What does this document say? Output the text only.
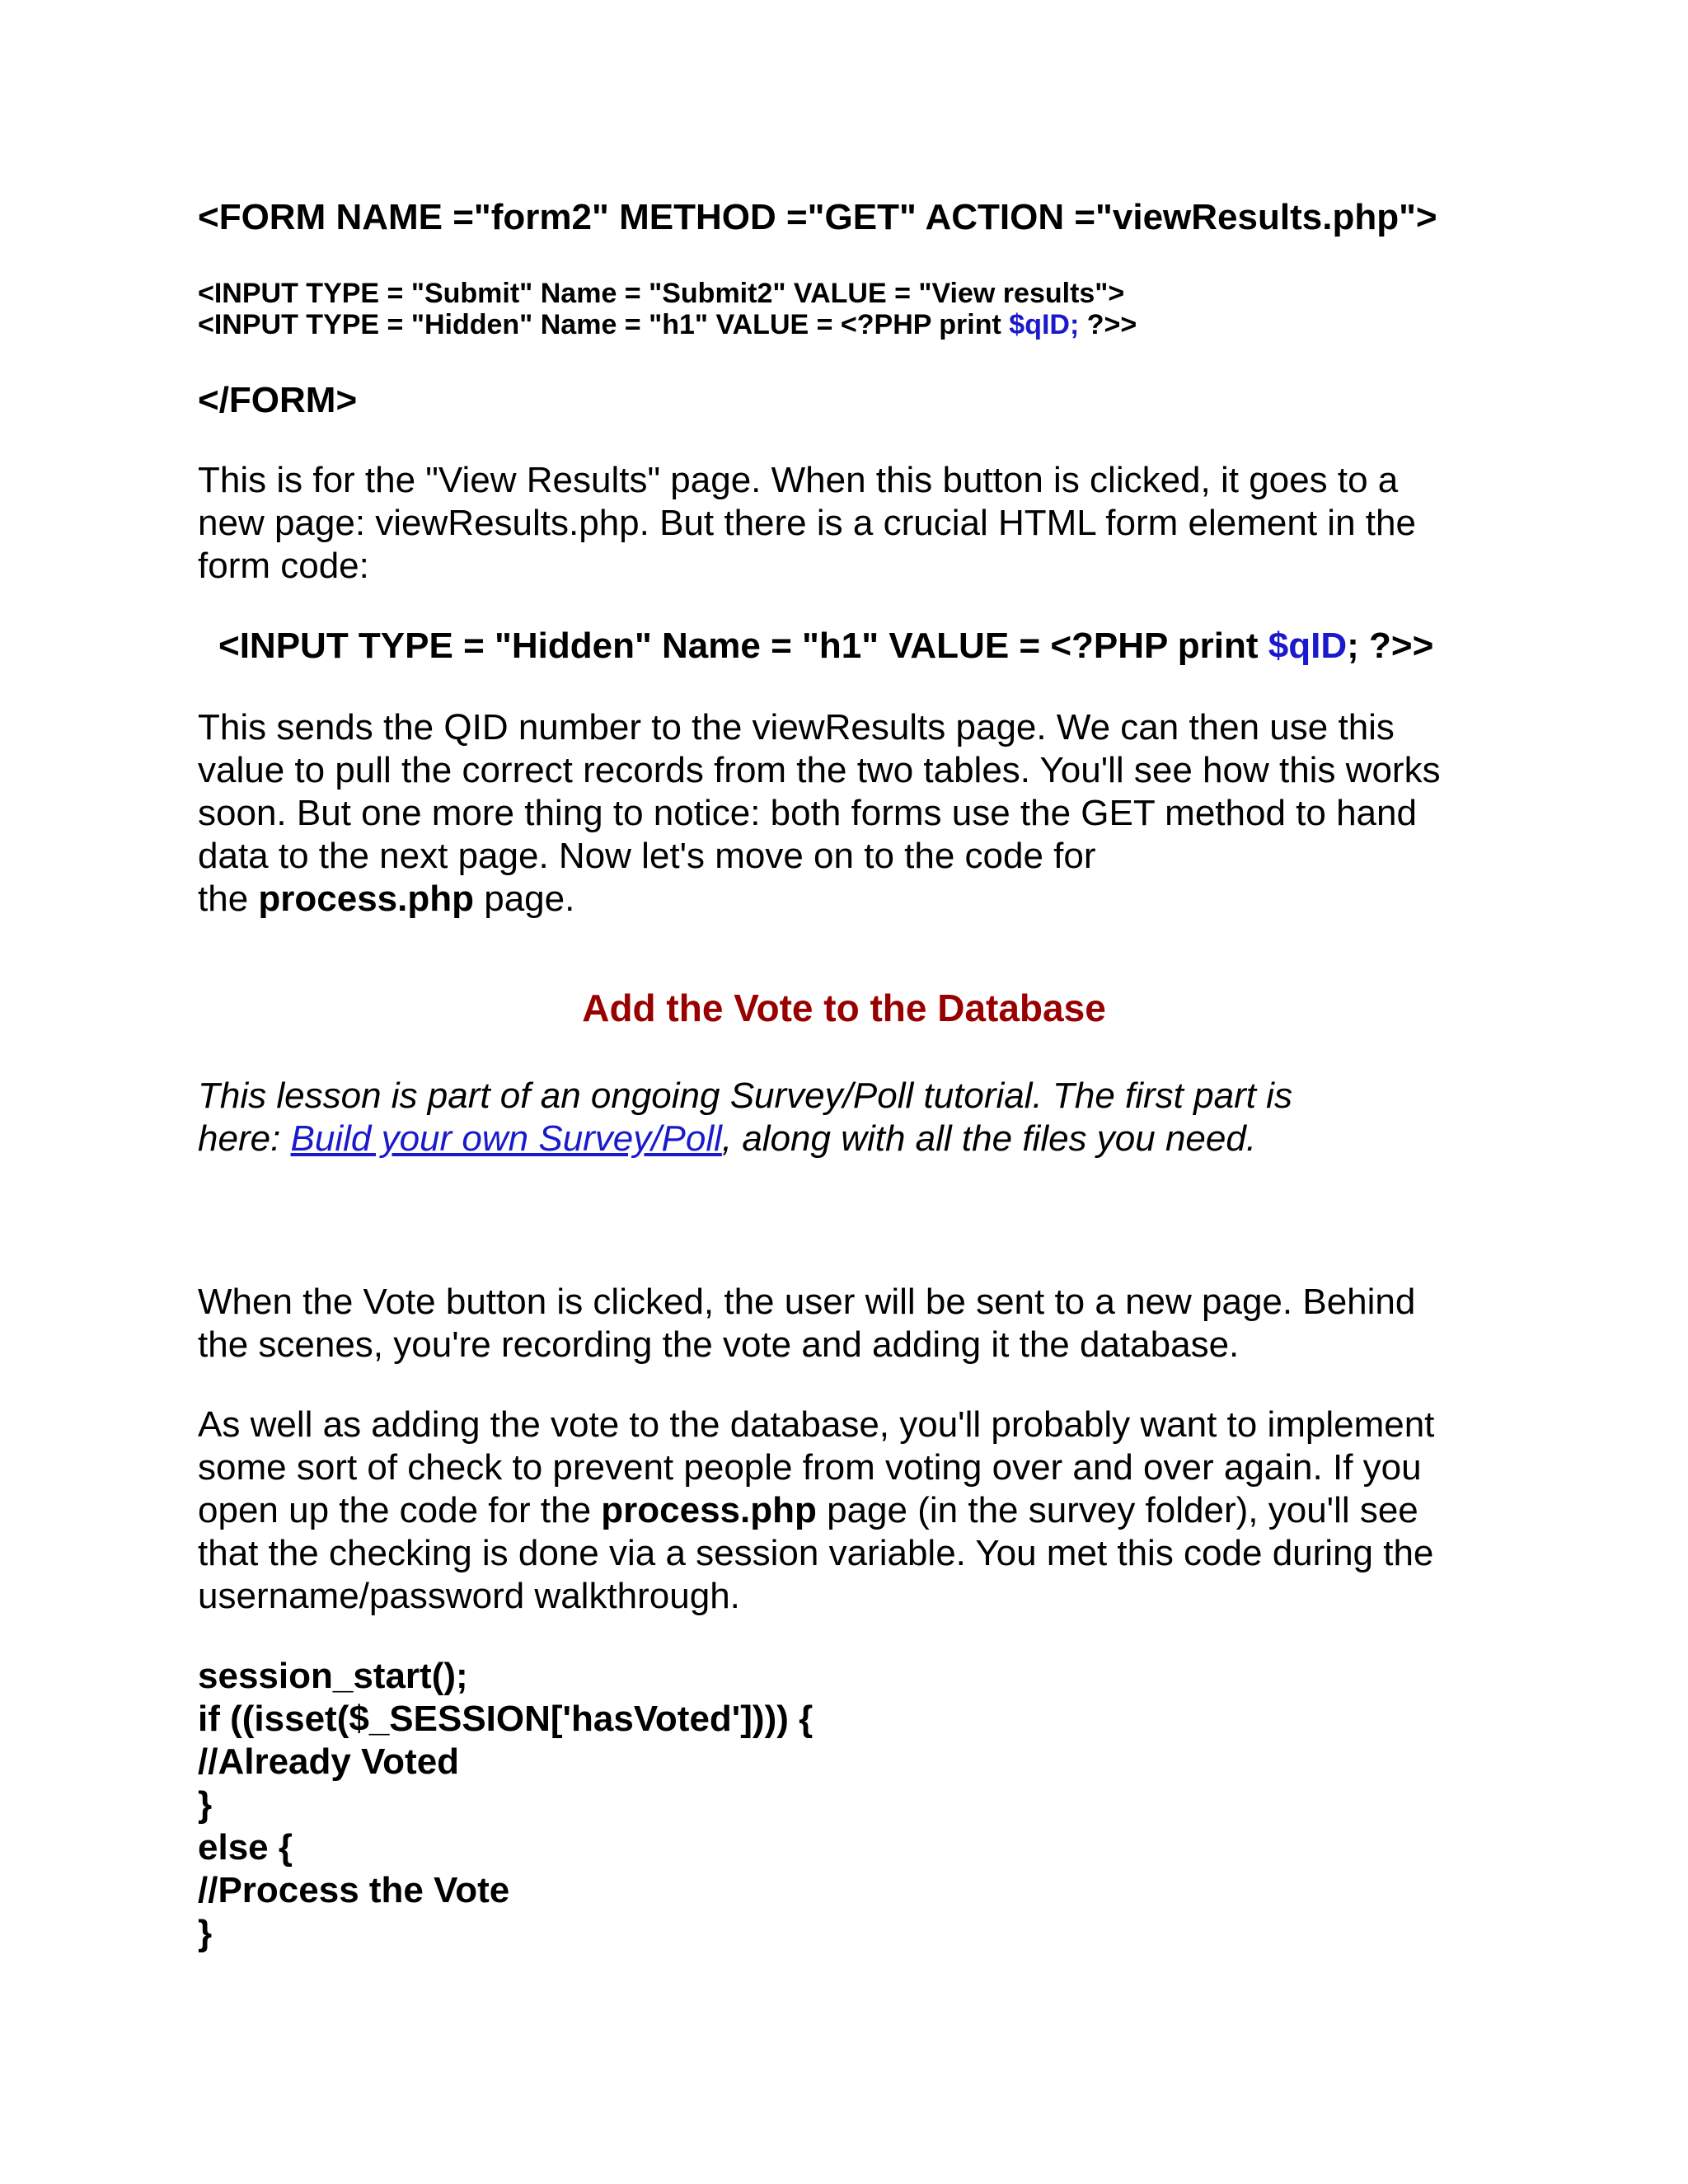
<FORM NAME ="form2" METHOD ="GET" ACTION ="viewResults.php">

<INPUT TYPE = "Submit" Name = "Submit2" VALUE = "View results">

<INPUT TYPE = "Hidden" Name = "h1" VALUE = <?PHP print $qID; ?>>

</FORM>

This is for the "View Results" page. When this button is clicked, it goes to a

new page: viewResults.php. But there is a crucial HTML form element in the

form code:

<INPUT TYPE = "Hidden" Name = "h1" VALUE = <?PHP print $qID; ?>>

This sends the QID number to the viewResults page. We can then use this

value to pull the correct records from the two tables. You'll see how this works

soon. But one more thing to notice: both forms use the GET method to hand

data to the next page. Now let's move on to the code for

the process.php page.

Add the Vote to the Database

This lesson is part of an ongoing Survey/Poll tutorial. The first part is

here: Build your own Survey/Poll, along with all the files you need.

When the Vote button is clicked, the user will be sent to a new page. Behind

the scenes, you're recording the vote and adding it the database.

As well as adding the vote to the database, you'll probably want to implement

some sort of check to prevent people from voting over and over again. If you

open up the code for the process.php page (in the survey folder), you'll see

that the checking is done via a session variable. You met this code during the

username/password walkthrough.

session_start();

if ((isset($_SESSION['hasVoted']))) {

//Already Voted

}

else {

//Process the Vote

}
